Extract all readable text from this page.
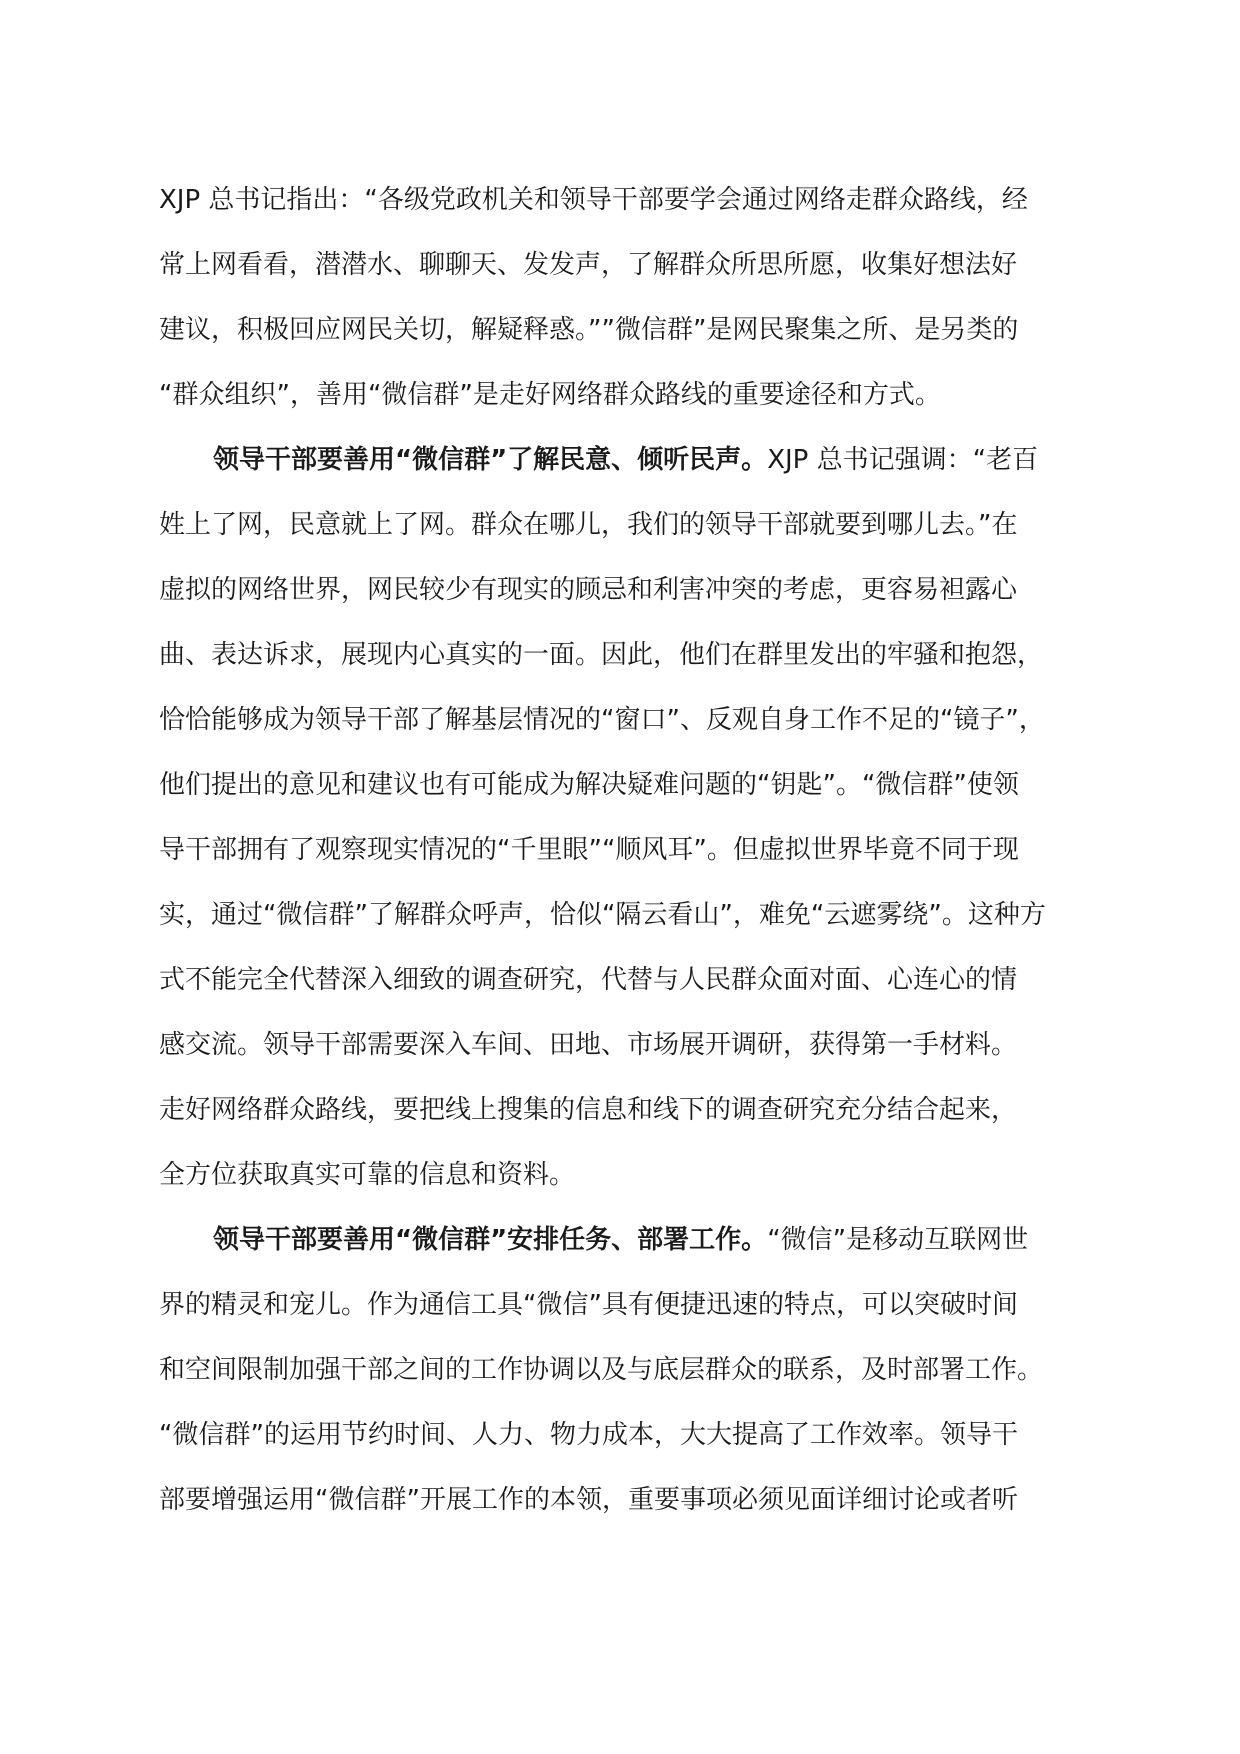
XJP 总书记指出：“各级党政机关和领导干部要学会通过网络走群众路线，经
常上网看看，潜潜水、聊聊天、发发声，了解群众所思所愿，收集好想法好
建议，积极回应网民关切，解疑释惑。””微信群”是网民聚集之所、是另类的
“群众组织”，善用“微信群”是走好网络群众路线的重要途径和方式。
领导干部要善用“微信群”了解民意、倾听民声。XJP 总书记强调：“老百
姓上了网，民意就上了网。群众在哪儿，我们的领导干部就要到哪儿去。”在
虚拟的网络世界，网民较少有现实的顾忌和利害冲突的考虑，更容易袒露心
曲、表达诉求，展现内心真实的一面。因此，他们在群里发出的牢骚和抱怨，
恰恰能够成为领导干部了解基层情况的“窗口”、反观自身工作不足的“镜子”，
他们提出的意见和建议也有可能成为解决疑难问题的“钥匙”。“微信群”使领
导干部拥有了观察现实情况的“千里眼”“顺风耳”。但虚拟世界毕竟不同于现
实，通过“微信群”了解群众呼声，恰似“隔云看山”，难免“云遮雾绕”。这种方
式不能完全代替深入细致的调查研究，代替与人民群众面对面、心连心的情
感交流。领导干部需要深入车间、田地、市场展开调研，获得第一手材料。
走好网络群众路线，要把线上搜集的信息和线下的调查研究充分结合起来，
全方位获取真实可靠的信息和资料。
领导干部要善用“微信群”安排任务、部署工作。“微信”是移动互联网世
界的精灵和宠儿。作为通信工具“微信”具有便捷迅速的特点，可以突破时间
和空间限制加强干部之间的工作协调以及与底层群众的联系，及时部署工作。
“微信群”的运用节约时间、人力、物力成本，大大提高了工作效率。领导干
部要增强运用“微信群”开展工作的本领，重要事项必须见面详细讨论或者听
